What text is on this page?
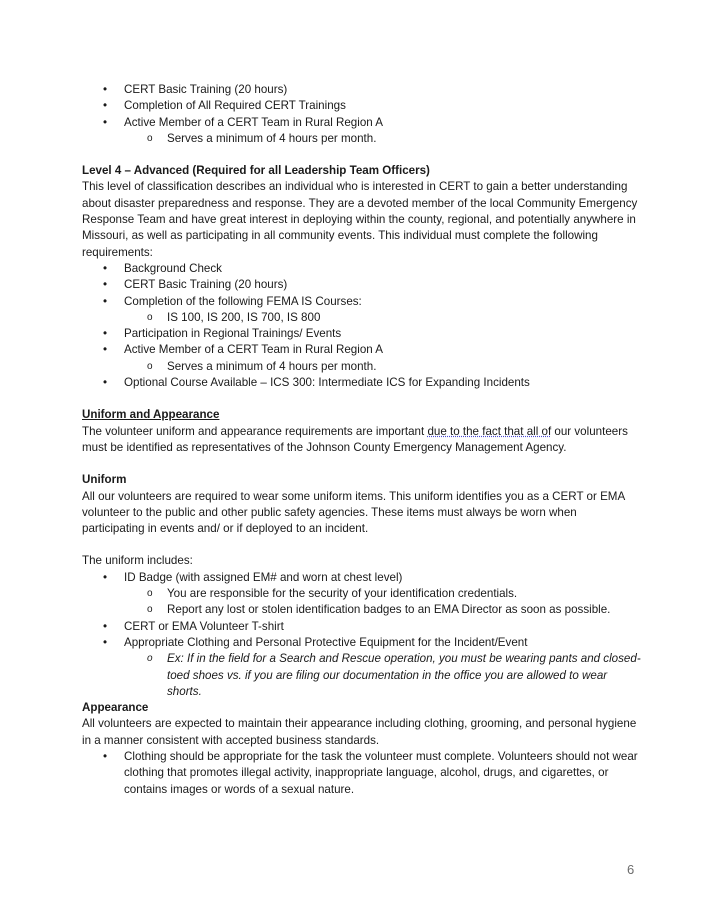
• CERT Basic Training (20 hours)
• Completion of All Required CERT Trainings
• Active Member of a CERT Team in Rural Region A
o Serves a minimum of 4 hours per month.
Level 4 – Advanced (Required for all Leadership Team Officers)

This level of classification describes an individual who is interested in CERT to gain a better understanding about disaster preparedness and response. They are a devoted member of the local Community Emergency Response Team and have great interest in deploying within the county, regional, and potentially anywhere in Missouri, as well as participating in all community events. This individual must complete the following requirements:

• Background Check
• CERT Basic Training (20 hours)
• Completion of the following FEMA IS Courses:
o IS 100, IS 200, IS 700, IS 800
• Participation in Regional Trainings/ Events
• Active Member of a CERT Team in Rural Region A
o Serves a minimum of 4 hours per month.
• Optional Course Available – ICS 300: Intermediate ICS for Expanding Incidents
Uniform and Appearance

The volunteer uniform and appearance requirements are important due to the fact that all of our volunteers must be identified as representatives of the Johnson County Emergency Management Agency.

Uniform

All our volunteers are required to wear some uniform items. This uniform identifies you as a CERT or EMA volunteer to the public and other public safety agencies. These items must always be worn when participating in events and/ or if deployed to an incident.

The uniform includes:

• ID Badge (with assigned EM# and worn at chest level)
o You are responsible for the security of your identification credentials.
o Report any lost or stolen identification badges to an EMA Director as soon as possible.
• CERT or EMA Volunteer T-shirt
• Appropriate Clothing and Personal Protective Equipment for the Incident/Event
o Ex: If in the field for a Search and Rescue operation, you must be wearing pants and closed-toed shoes vs. if you are filing our documentation in the office you are allowed to wear shorts.
Appearance

All volunteers are expected to maintain their appearance including clothing, grooming, and personal hygiene in a manner consistent with accepted business standards.

• Clothing should be appropriate for the task the volunteer must complete. Volunteers should not wear clothing that promotes illegal activity, inappropriate language, alcohol, drugs, and cigarettes, or contains images or words of a sexual nature.
6
